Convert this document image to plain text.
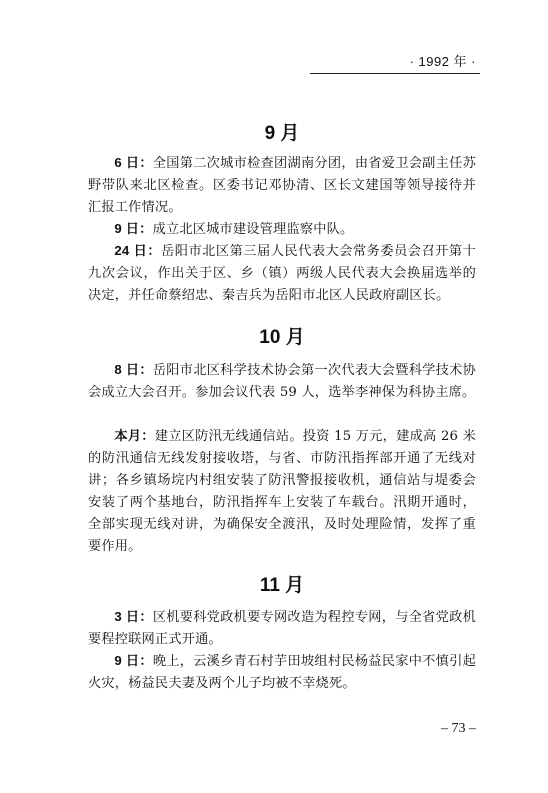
· 1992 年 ·
9 月

6 日：全国第二次城市检查团湖南分团，由省爱卫会副主任苏野带队来北区检查。区委书记邓协清、区长文建国等领导接待并汇报工作情况。

9 日：成立北区城市建设管理监察中队。

24 日：岳阳市北区第三届人民代表大会常务委员会召开第十九次会议，作出关于区、乡（镇）两级人民代表大会换届选举的决定，并任命蔡绍忠、秦吉兵为岳阳市北区人民政府副区长。

10 月

8 日：岳阳市北区科学技术协会第一次代表大会暨科学技术协会成立大会召开。参加会议代表 59 人，选举李神保为科协主席。

本月：建立区防汛无线通信站。投资 15 万元，建成高 26 米的防汛通信无线发射接收塔，与省、市防汛指挥部开通了无线对讲；各乡镇场垸内村组安装了防汛警报接收机，通信站与堤委会安装了两个基地台，防汛指挥车上安装了车载台。汛期开通时，全部实现无线对讲，为确保安全渡汛，及时处理险情，发挥了重要作用。

11 月

3 日：区机要科党政机要专网改造为程控专网，与全省党政机要程控联网正式开通。

9 日：晚上，云溪乡青石村芋田坡组村民杨益民家中不慎引起火灾，杨益民夫妻及两个儿子均被不幸烧死。

– 73 –
